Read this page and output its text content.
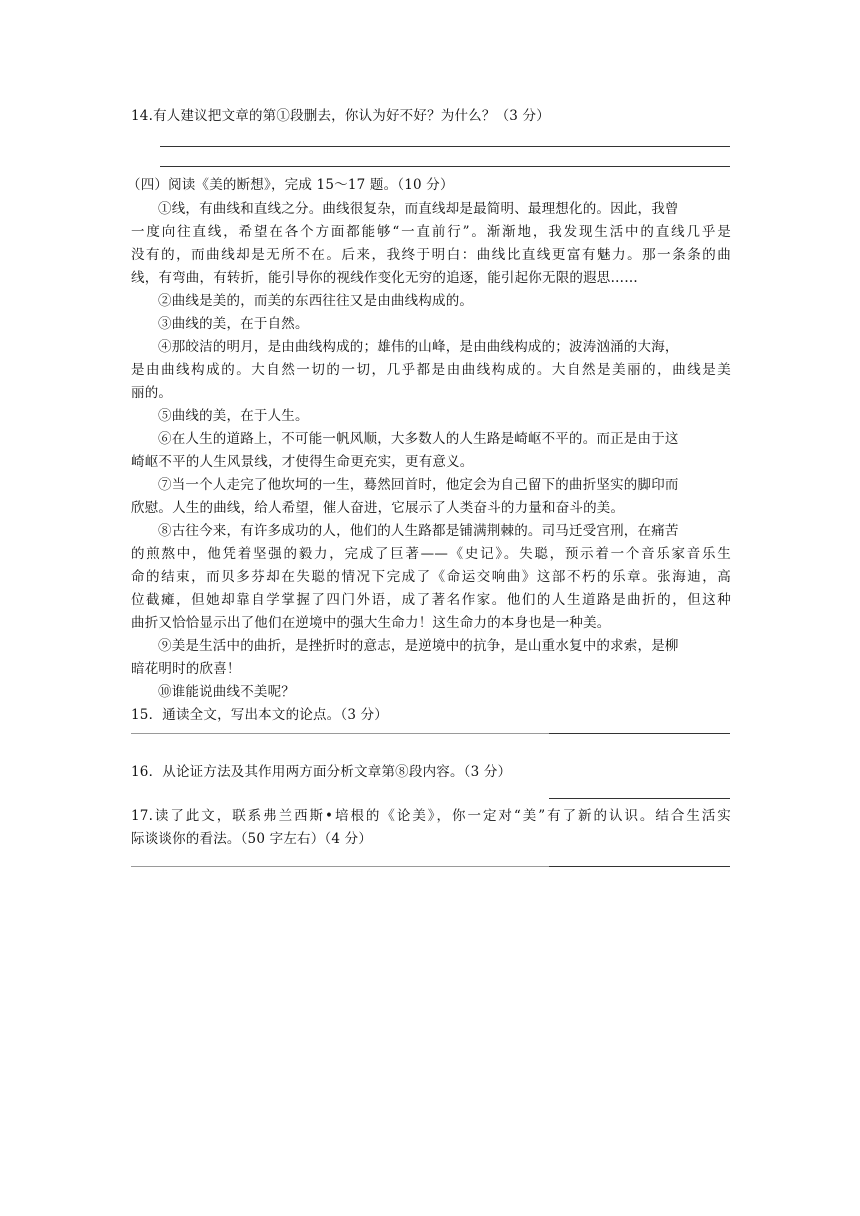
14.有人建议把文章的第①段删去，你认为好不好？为什么？（3 分）
（四）阅读《美的断想》，完成 15～17 题。（10 分）
①线，有曲线和直线之分。曲线很复杂，而直线却是最简明、最理想化的。因此，我曾
一度向往直线，希望在各个方面都能够“一直前行”。渐渐地，我发现生活中的直线几乎是
没有的，而曲线却是无所不在。后来，我终于明白：曲线比直线更富有魅力。那一条条的曲
线，有弯曲，有转折，能引导你的视线作变化无穷的追逐，能引起你无限的遐思……
②曲线是美的，而美的东西往往又是由曲线构成的。
③曲线的美，在于自然。
④那皎洁的明月，是由曲线构成的；雄伟的山峰，是由曲线构成的；波涛汹涌的大海，
是由曲线构成的。大自然一切的一切，几乎都是由曲线构成的。大自然是美丽的，曲线是美
丽的。
⑤曲线的美，在于人生。
⑥在人生的道路上，不可能一帆风顺，大多数人的人生路是崎岖不平的。而正是由于这
崎岖不平的人生风景线，才使得生命更充实，更有意义。
⑦当一个人走完了他坎坷的一生，蓦然回首时，他定会为自己留下的曲折坚实的脚印而
欣慰。人生的曲线，给人希望，催人奋进，它展示了人类奋斗的力量和奋斗的美。
⑧古往今来，有许多成功的人，他们的人生路都是铺满荆棘的。司马迁受宫刑，在痛苦
的煎熬中，他凭着坚强的毅力，完成了巨著——《史记》。失聪，预示着一个音乐家音乐生
命的结束，而贝多芬却在失聪的情况下完成了《命运交响曲》这部不朽的乐章。张海迪，高
位截瘫，但她却靠自学掌握了四门外语，成了著名作家。他们的人生道路是曲折的，但这种
曲折又恰恰显示出了他们在逆境中的强大生命力！这生命力的本身也是一种美。
⑨美是生活中的曲折，是挫折时的意志，是逆境中的抗争，是山重水复中的求索，是柳
暗花明时的欣喜！
⑩谁能说曲线不美呢？
15．通读全文，写出本文的论点。（3 分）
16．从论证方法及其作用两方面分析文章第⑧段内容。（3 分）
17.读了此文，联系弗兰西斯•培根的《论美》，你一定对“美”有了新的认识。结合生活实
际谈谈你的看法。（50 字左右）（4 分）
